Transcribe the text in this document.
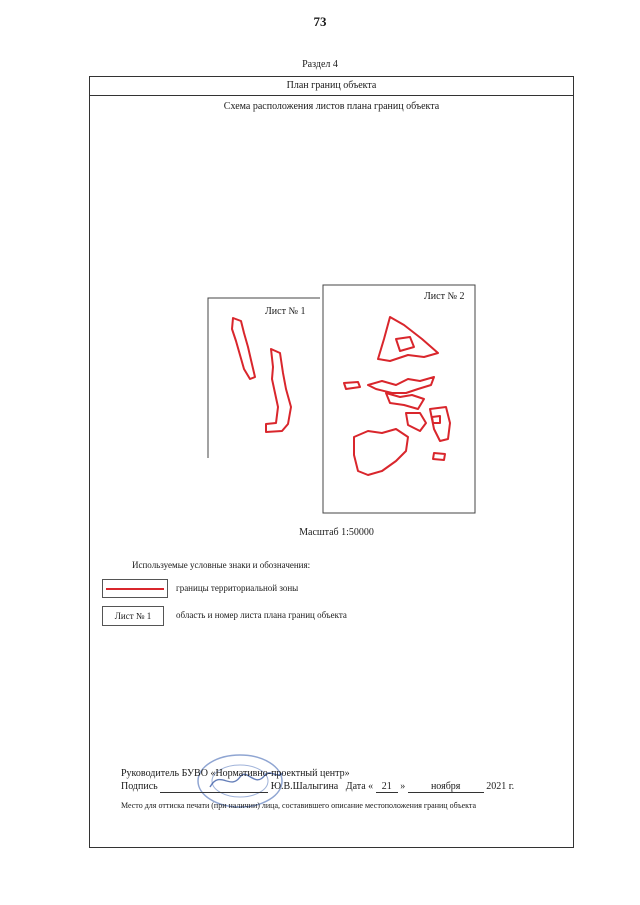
73
Раздел 4
План границ объекта
Схема расположения листов плана границ объекта
Лист № 1
Лист № 2
Масштаб 1:50000
Используемые условные знаки и обозначения:
границы территориальной зоны
Лист № 1	область и номер листа плана границ объекта
Руководитель БУВО «Нормативно-проектный центр»
Подпись	Ю.В.Шалыгина Дата « 21 »	ноября	2021 г.
Место для оттиска печати (при наличии) лица, составившего описание местоположения границ объекта
